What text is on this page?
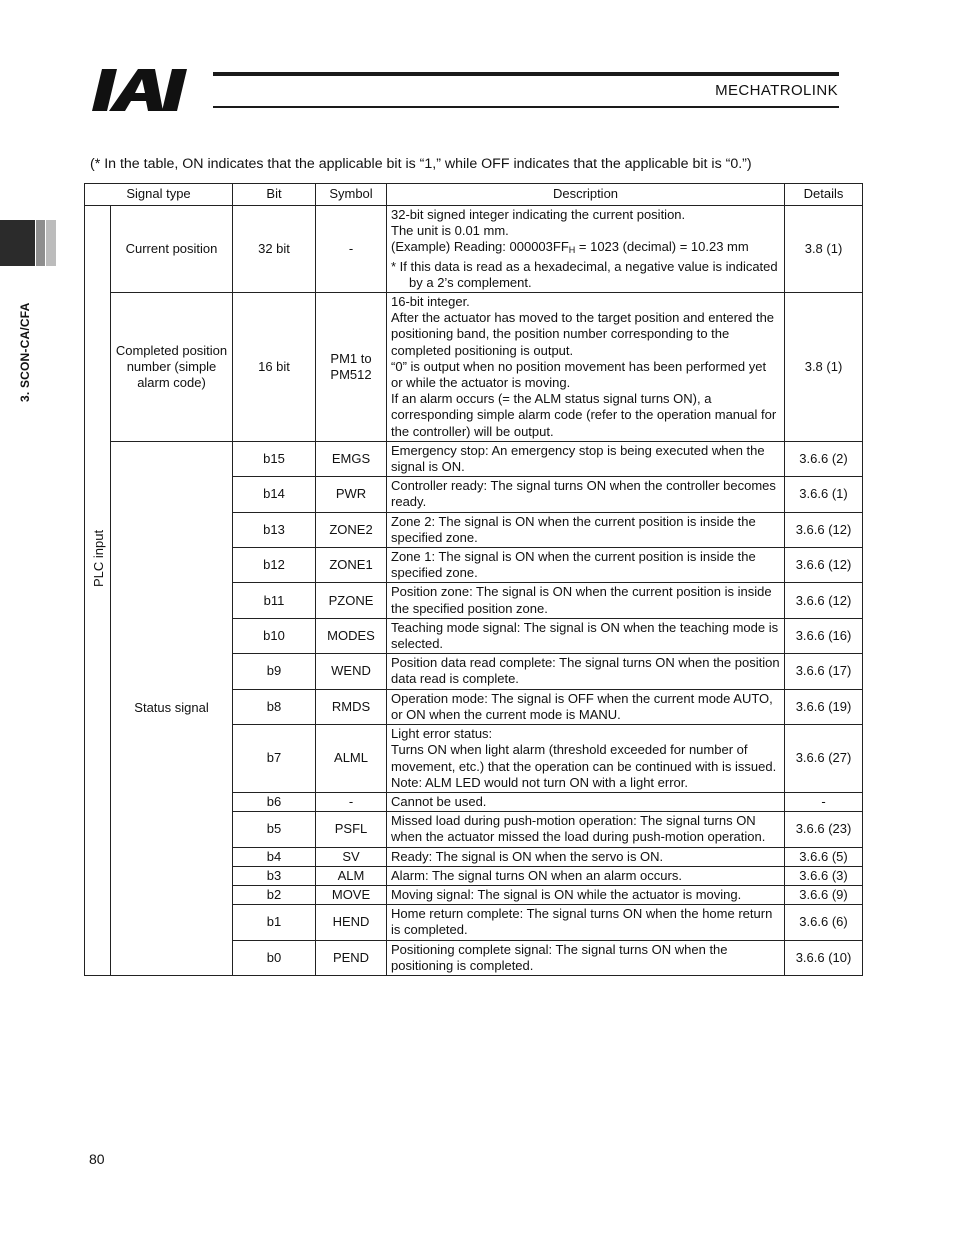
MECHATROLINK
3. SCON-CA/CFA
(* In the table, ON indicates that the applicable bit is “1,” while OFF indicates that the applicable bit is “0.”)
Signal type		Bit	Symbol	Description	Details

PLC input	Current position	32 bit	-	32-bit signed integer indicating the current position.
The unit is 0.01 mm.
(Example) Reading: $000003FF_H = 1023$ (decimal) = 10.23 mm
* If this data is read as a hexadecimal, a negative value is indicated by a 2’s complement.	3.8 (1)
	Completed position number (simple alarm code)	16 bit	PM1 to PM512	16-bit integer.
After the actuator has moved to the target position and entered the positioning band, the position number corresponding to the completed positioning is output.
“0” is output when no position movement has been performed yet or while the actuator is moving.
If an alarm occurs (= the ALM status signal turns ON), a corresponding simple alarm code (refer to the operation manual for the controller) will be output.	3.8 (1)
	Status signal	b15	EMGS	Emergency stop: An emergency stop is being executed when the signal is ON.	3.6.6 (2)
		b14	PWR	Controller ready: The signal turns ON when the controller becomes ready.	3.6.6 (1)
		b13	ZONE2	Zone 2: The signal is ON when the current position is inside the specified zone.	3.6.6 (12)
		b12	ZONE1	Zone 1: The signal is ON when the current position is inside the specified zone.	3.6.6 (12)
		b11	PZONE	Position zone: The signal is ON when the current position is inside the specified position zone.	3.6.6 (12)
		b10	MODES	Teaching mode signal: The signal is ON when the teaching mode is selected.	3.6.6 (16)
		b9	WEND	Position data read complete: The signal turns ON when the position data read is complete.	3.6.6 (17)
		b8	RMDS	Operation mode: The signal is OFF when the current mode AUTO, or ON when the current mode is MANU.	3.6.6 (19)
		b7	ALML	Light error status:
Turns ON when light alarm (threshold exceeded for number of movement, etc.) that the operation can be continued with is issued.
Note: ALM LED would not turn ON with a light error.	3.6.6 (27)
		b6	-	Cannot be used.	-
		b5	PSFL	Missed load during push-motion operation: The signal turns ON when the actuator missed the load during push-motion operation.	3.6.6 (23)
		b4	SV	Ready: The signal is ON when the servo is ON.	3.6.6 (5)
		b3	ALM	Alarm: The signal turns ON when an alarm occurs.	3.6.6 (3)
		b2	MOVE	Moving signal: The signal is ON while the actuator is moving.	3.6.6 (9)
		b1	HEND	Home return complete: The signal turns ON when the home return is completed.	3.6.6 (6)
		b0	PEND	Positioning complete signal: The signal turns ON when the positioning is completed.	3.6.6 (10)
80
